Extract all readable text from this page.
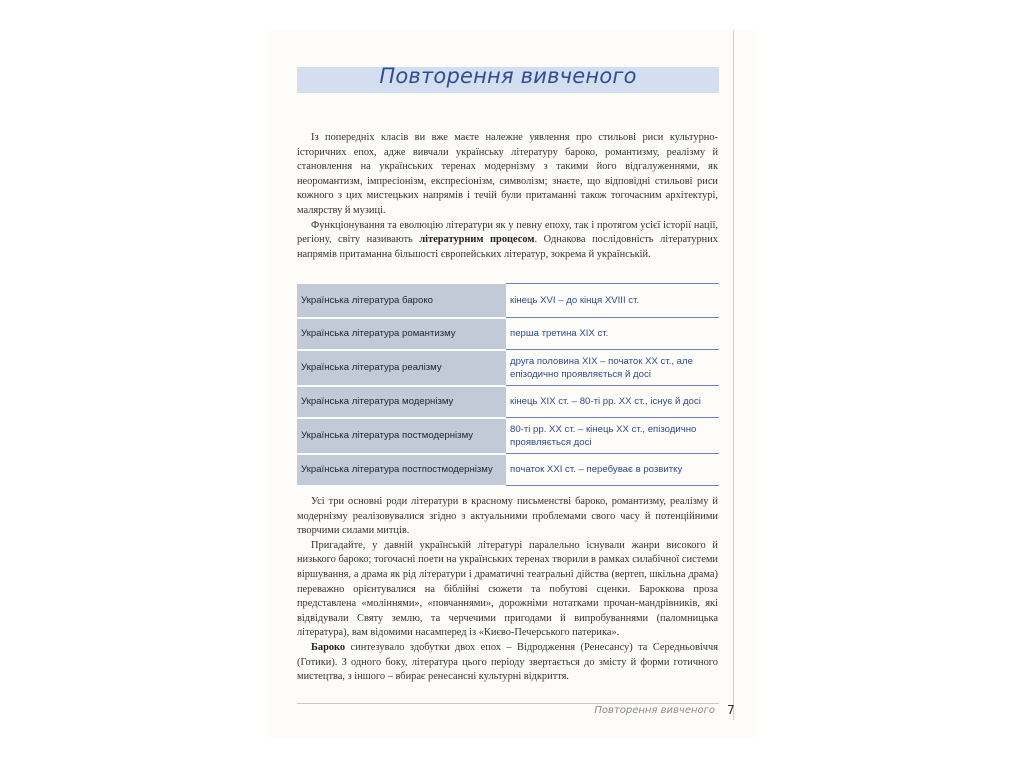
Повторення вивченого

Із попередніх класів ви вже маєте належне уявлення про стильові риси культурно-історичних епох, адже вивчали українську літературу бароко, романтизму, реалізму й становлення на українських теренах модернізму з такими його відгалуженнями, як неоромантизм, імпресіонізм, експресіонізм, символізм; знаєте, що відповідні стильові риси кожного з цих мистецьких напрямів і течій були притаманні також тогочасним архітектурі, малярству й музиці.

Функціонування та еволюцію літератури як у певну епоху, так і протягом усієї історії нації, регіону, світу називають літературним процесом. Однакова послідовність літературних напрямів притаманна більшості європейських літератур, зокрема й українській.

Українська література бароко	кінець XVI – до кінця XVIII ст.
Українська література романтизму	перша третина XIX ст.
Українська література реалізму	друга половина XIX – початок XX ст., але епізодично проявляється й досі
Українська література модернізму	кінець XIX ст. – 80-ті рр. XX ст., існує й досі
Українська література постмодернізму	80-ті рр. XX ст. – кінець XX ст., епізодично проявляється досі
Українська література постпостмодернізму	початок XXI ст. – перебуває в розвитку

Усі три основні роди літератури в красному письменстві бароко, романтизму, реалізму й модернізму реалізовувалися згідно з актуальними проблемами свого часу й потенційними творчими силами митців.

Пригадайте, у давній українській літературі паралельно існували жанри високого й низького бароко; тогочасні поети на українських теренах творили в рамках силабічної системи віршування, а драма як рід літератури і драматичні театральні дійства (вертеп, шкільна драма) переважно орієнтувалися на біблійні сюжети та побутові сценки. Бароккова проза представлена «моліннями», «повчаннями», дорожніми нотатками прочан-мандрівників, які відвідували Святу землю, та черчечими пригодами й випробуваннями (паломницька література), вам відомими насамперед із «Києво-Печерського патерика».

Бароко синтезувало здобутки двох епох – Відродження (Ренесансу) та Середньовіччя (Готики). З одного боку, література цього періоду звертається до змісту й форми готичного мистецтва, з іншого – вбирає ренесансні культурні відкриття.

Повторення вивченого 7
